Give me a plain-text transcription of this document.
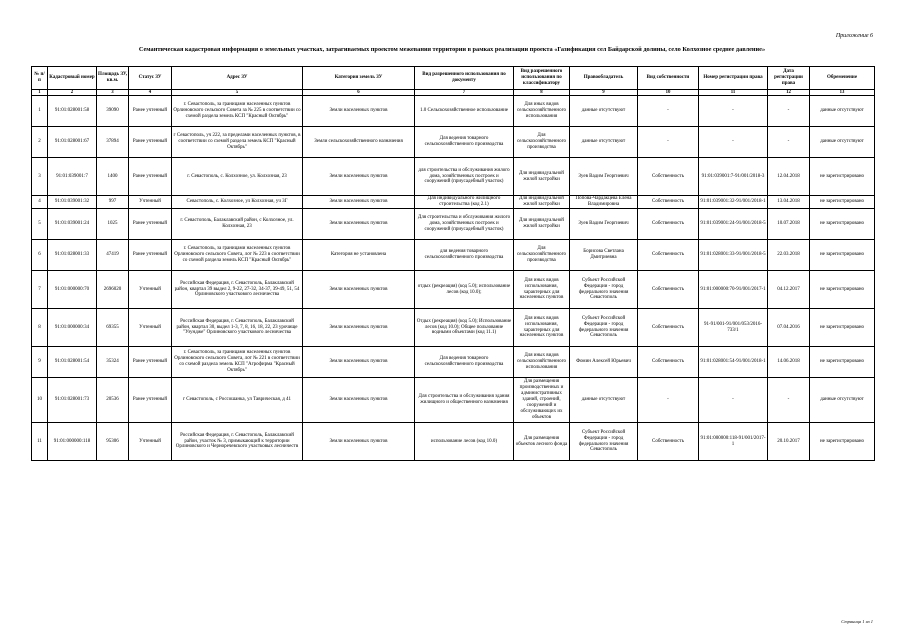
Приложение 6
Семантическая кадастровая информация о земельных участках, затрагиваемых проектом межевания территории в рамках реализации проекта «Газификация сел Байдарской долины, село Колхозное среднее давление»
№ п/п	Кадастровый номер	Площадь ЗУ, кв.м.	Статус ЗУ	Адрес ЗУ	Категория земель ЗУ	Вид разрешенного использования по документу	Вид разрешенного использования по классификатору	Правообладатель	Вид собственности	Номер регистрации права	Дата регистрации права	Обременение
1	2	3	4	5	6	7	8	9	10	11	12	13
1	91:01:028001:58	39090	Ранее учтенный	г. Севастополь, за границами населенных пунктов Орлиновского сельского Совета за № 225 в соответствии со схемой раздела земель КСП "Красный Октябрь"	Земли населенных пунктов	1.0 Сельскохозяйственное использование	Для иных видов сельскохозяйственного использования	данные отсутствуют	-	-	-	данные отсутствуют
2	91:01:028001:67	37894	Ранее учтенный	г Севастополь, уч 222, за пределами населенных пунктов, в соответствии со схемой раздела земель КСП "Красный Октябрь"	Земли сельскохозяйственного назначения	Для ведения товарного сельскохозяйственного производства	Для сельскохозяйственного производства	данные отсутствуют	-	-	-	данные отсутствуют
3	91:01:039001:7	1400	Ранее учтенный	г. Севастополь, с. Колхозное, ул. Колхозная, 23	Земли населенных пунктов	для строительства и обслуживания жилого дома, хозяйственных построек и сооружений (приусадебный участок)	Для индивидуальной жилой застройки	Зуев Вадим Георгиевич	Собственность	91:01:039001:7-91/001/2018-3	12.04.2018	не зарегистрировано
4	91:01:039001:32	997	Учтенный	Севастополь, с. Колхозное, ул Колхозная, уч 3Г	Земли населенных пунктов	Для индивидуального жилищного строительства (код 2.1)	Для индивидуальной жилой застройки	Попова-Чардакцева Елена Владимировна	Собственность	91:01:039001:32-91/001/2018-1	13.04.2018	не зарегистрировано
5	91:01:039001:24	1025	Ранее учтенный	г. Севастополь, Балаклавский район, с Колхозное, ул. Колхозная, 23	Земли населенных пунктов	Для строительства и обслуживания жилого дома, хозяйственных построек и сооружений (приусадебный участок)	Для индивидуальной жилой застройки	Зуев Вадим Георгиевич	Собственность	91:01:039001:24-91/001/2018-5	10.07.2018	не зарегистрировано
6	91:01:028001:33	47419	Ранее учтенный	г. Севастополь, за границами населенных пунктов Орлиновского сельского Совета, лот № 223 в соответствии со схемой раздела земель КСП "Красный Октябрь"	Категория не установлена	для ведения товарного сельскохозяйственного производства	Для сельскохозяйственного производства	Борисова Светлана Дмитриевна	Собственность	91:01:028001:33-91/001/2018-5	22.03.2018	не зарегистрировано
7	91:01:000000:70	2696020	Учтенный	Российская Федерация, г. Севастополь, Балаклавский район, квартал 39 выдел 2, 9-22, 27-32, 34-37, 39-49, 51, 54 Орлиновского участкового лесничества	Земли населенных пунктов	отдых (рекреация) (код 5.0); использование лесов (код 10.0);	Для иных видов использования, характерных для населенных пунктов	Субъект Российской Федерации - город федерального значения Севастополь	Собственность	91:01:000000:70-91/001/2017-1	04.12.2017	не зарегистрировано
8	91:01:000000:34	69355	Учтенный	Российская Федерация, г. Севастополь, Балаклавский район, квартал 30, выдел 1-3, 7, 8, 16, 18, 22, 23 урочище "Узундже" Орлиновского участкового лесничества	Земли населенных пунктов	Отдых (рекреация) (код 5.0); Использование лесов (код 10.0); Общее пользование водными объектами (код 11.1)	Для иных видов использования, характерных для населенных пунктов	Субъект Российской Федерации - город федерального значения Севастополь	Собственность	91-91/001-91/001/053/2016-733/1	07.04.2016	не зарегистрировано
9	91:01:028001:54	35324	Ранее учтенный	г. Севастополь, за границами населенных пунктов Орлиновского сельского Совета, лот № 221 в соответствии со схемой раздела земель КСП "Агрофирма "Красный Октябрь"	Земли населенных пунктов	Для ведения товарного сельскохозяйственного производства	Для иных видов сельскохозяйственного использования	Фомин Алексей Юрьевич	Собственность	91:01:028001:54-91/001/2018-1	14.06.2018	не зарегистрировано
10	91:01:028001:73	20536	Ранее учтенный	г Севастополь, с Россошанка, ул Таврическая, д 41	Земли населенных пунктов	Для строительства и обслуживания здания жилищного и общественного назначения	Для размещения производственных и административных зданий, строений, сооружений и обслуживающих их объектов	данные отсутствуют	-	-	-	данные отсутствуют
11	91:01:000000:118	95306	Учтенный	Российская Федерация, г. Севастополь, Балаклавский район, участок № 3, примыкающий к территории Орлиновского и Черноречевского участковых лесничеств	Земли населенных пунктов	использование лесов (код 10.0)	Для размещения объектов лесного фонда	Субъект Российской Федерации - город федерального значения Севастополь	Собственность	91:01:000000:118-91/001/2017-1	20.10.2017	не зарегистрировано
Страница 1 из 1
